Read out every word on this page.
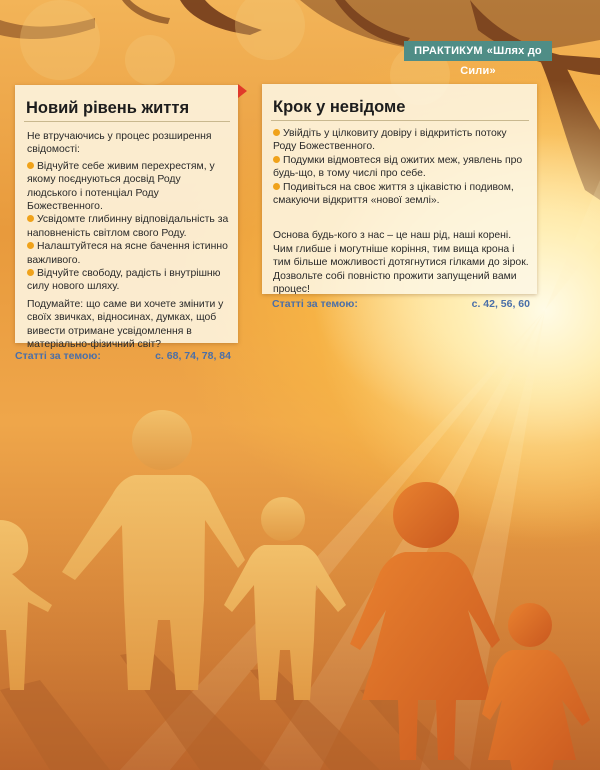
ПРАКТИКУМ «Шлях до Сили»
Новий рівень життя

Не втручаючись у процес розширення свідомості:

Відчуйте себе живим перехрестям, у якому поєднуються досвід Роду людського і потенціал Роду Божественного.

Усвідомте глибинну відповідальність за наповненість світлом свого Роду.

Налаштуйтеся на ясне бачення істинно важливого.

Відчуйте свободу, радість і внутрішню силу нового шляху.

Подумайте: що саме ви хочете змінити у своїх звичках, відносинах, думках, щоб вивести отримане усвідомлення в матеріально-фізичний світ?

Статті за темою:	с. 68, 74, 78, 84
Крок у невідоме

Увійдіть у цілковиту довіру і відкритість потоку Роду Божественного.

Подумки відмовтеся від ожитих меж, уявлень про будь-що, в тому числі про себе.

Подивіться на своє життя з цікавістю і подивом, смакуючи відкриття «нової землі».

Основа будь-кого з нас – це наш рід, наші корені. Чим глибше і могутніше коріння, тим вища крона і тим більше можливості дотягнутися гілками до зірок. Дозвольте собі повністю прожити запущений вами процес!

Статті за темою:	с. 42, 56, 60
